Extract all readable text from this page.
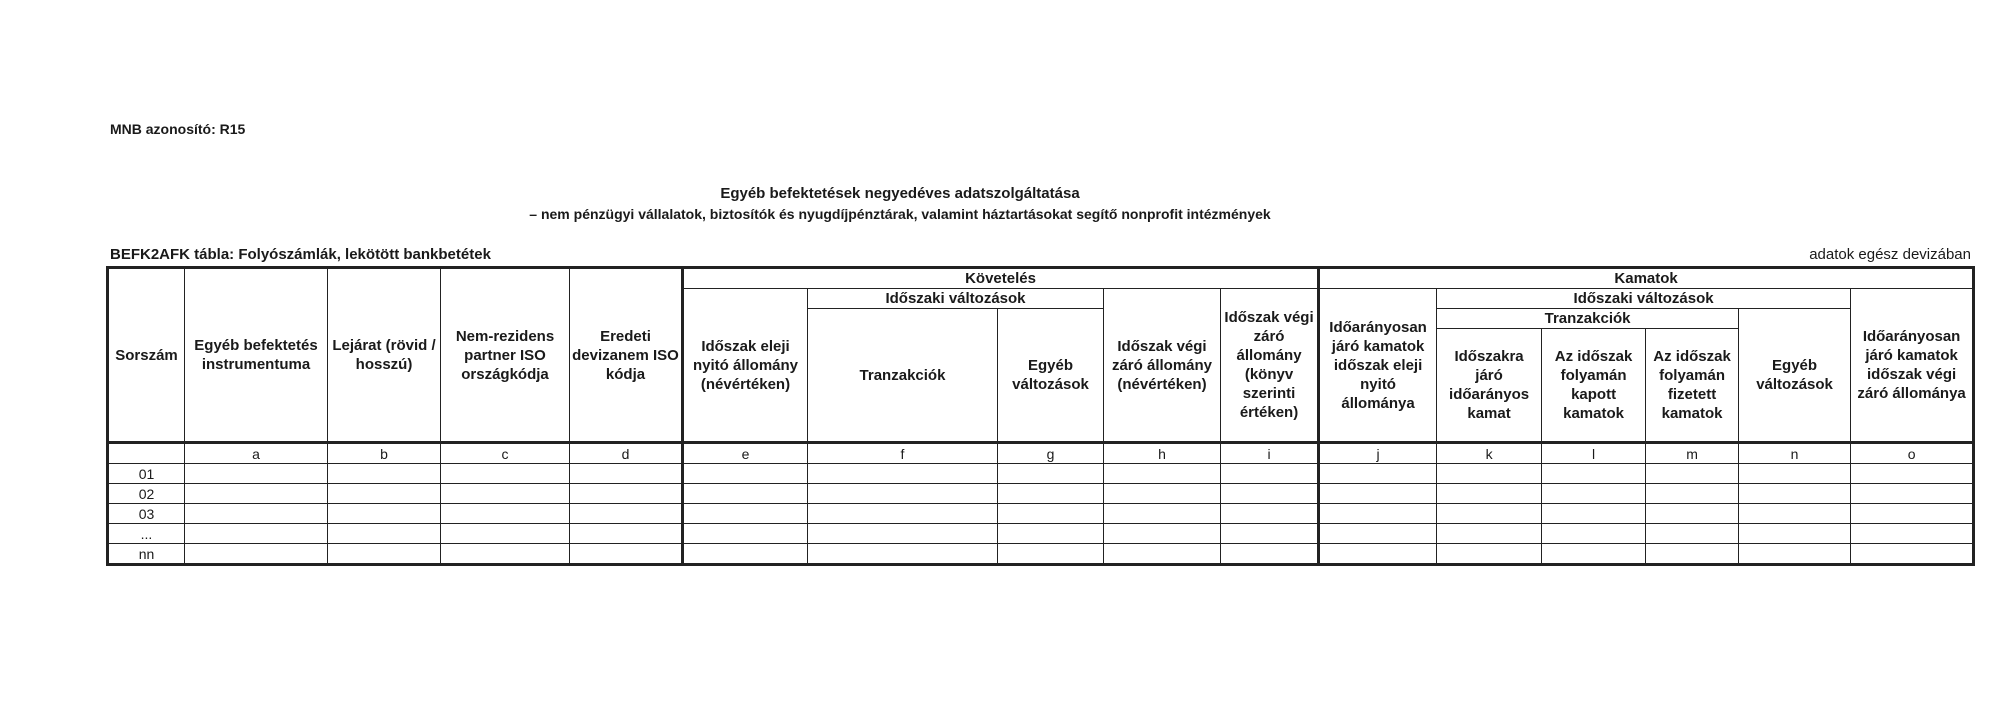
MNB azonosító: R15
Egyéb befektetések negyedéves adatszolgáltatása
– nem pénzügyi vállalatok, biztosítók és nyugdíjpénztárak, valamint háztartásokat segítő nonprofit intézmények
BEFK2AFK tábla: Folyószámlák, lekötött bankbetétek	adatok egész devizában
Sorszám	Egyéb befektetés instrumentuma	Lejárat (rövid / hosszú)	Nem-rezidens partner ISO országkódja	Eredeti devizanem ISO kódja	Követelés					Kamatok					
					Időszak eleji nyitó állomány (névértéken)	Időszaki változások		Időszak végi záró állomány (névértéken)	Időszak végi záró állomány (könyv szerinti értéken)	Időarányosan járó kamatok időszak eleji nyitó állománya	Időszaki változások				Időarányosan járó kamatok időszak végi záró állománya
						Tranzakciók	Egyéb változások				Tranzakciók			Egyéb változások	
											Időszakra járó időarányos kamat	Az időszak folyamán kapott kamatok	Az időszak folyamán fizetett kamatok		
	a	b	c	d	e	f	g	h	i	j	k	l	m	n	o
01															
02															
03															
...															
nn															
